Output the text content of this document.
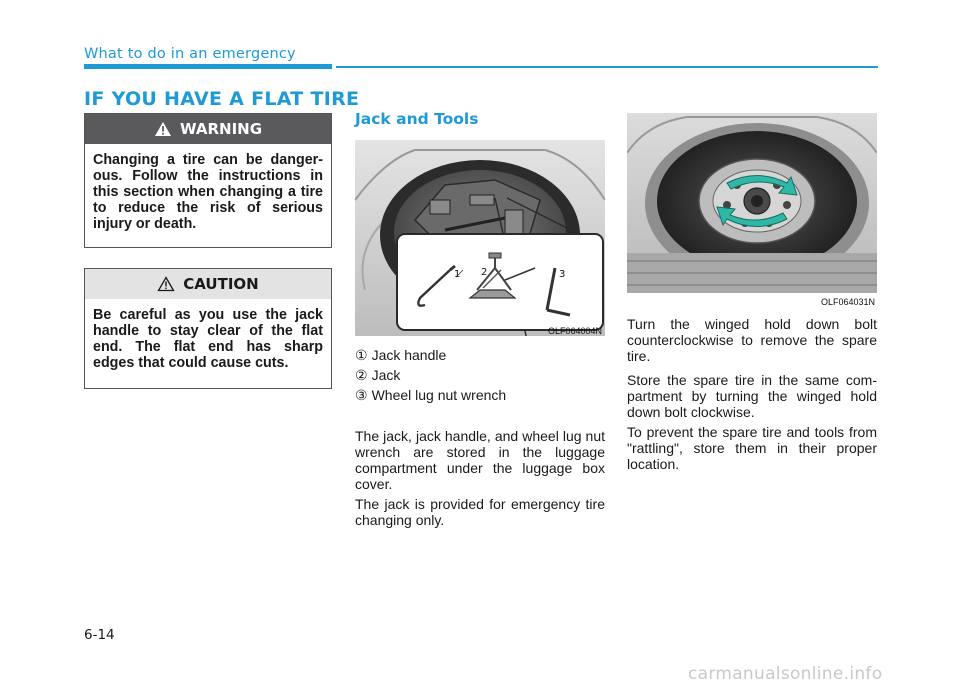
What to do in an emergency
IF YOU HAVE A FLAT TIRE
WARNING
Changing a tire can be danger-ous. Follow the instructions in this section when changing a tire to reduce the risk of serious injury or death.
CAUTION
Be careful as you use the jack handle to stay clear of the flat end. The flat end has sharp edges that could cause cuts.
Jack and Tools
1 2	3
OLF064004N
① Jack handle
② Jack
③ Wheel lug nut wrench

The jack, jack handle, and wheel lug nut wrench are stored in the luggage compartment under the luggage box cover.

The jack is provided for emergency tire changing only.

OLF064031N

Turn the winged hold down bolt counterclockwise to remove the spare tire.

Store the spare tire in the same com-partment by turning the winged hold down bolt clockwise.

To prevent the spare tire and tools from "rattling", store them in their proper location.

6-14
carmanualsonline.info
